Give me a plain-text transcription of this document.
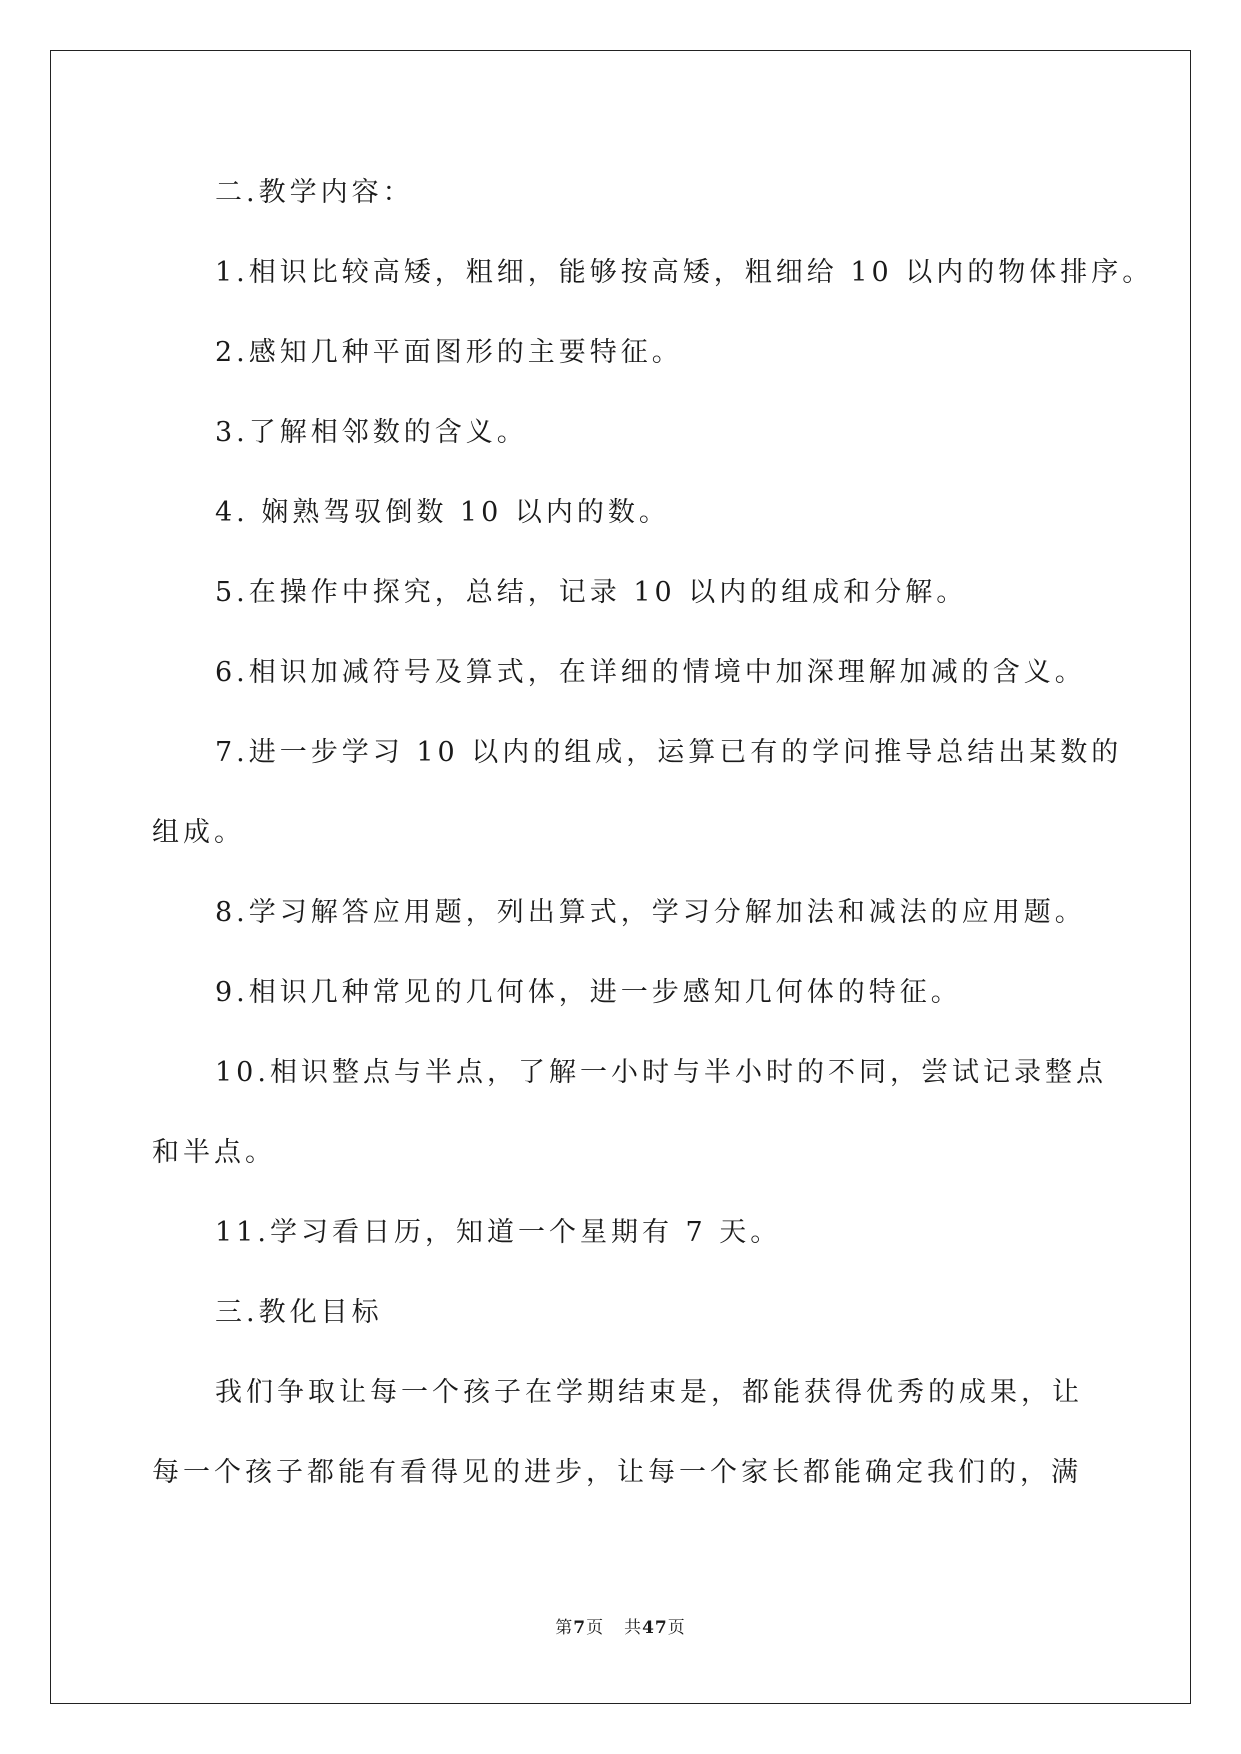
二.教学内容：
1.相识比较高矮，粗细，能够按高矮，粗细给 10 以内的物体排序。
2.感知几种平面图形的主要特征。
3.了解相邻数的含义。
4. 娴熟驾驭倒数 10 以内的数。
5.在操作中探究，总结，记录 10 以内的组成和分解。
6.相识加减符号及算式，在详细的情境中加深理解加减的含义。
7.进一步学习 10 以内的组成，运算已有的学问推导总结出某数的
组成。
8.学习解答应用题，列出算式，学习分解加法和减法的应用题。
9.相识几种常见的几何体，进一步感知几何体的特征。
10.相识整点与半点，了解一小时与半小时的不同，尝试记录整点
和半点。
11.学习看日历，知道一个星期有 7 天。
三.教化目标
我们争取让每一个孩子在学期结束是，都能获得优秀的成果，让
每一个孩子都能有看得见的进步，让每一个家长都能确定我们的，满
第7页 共47页
